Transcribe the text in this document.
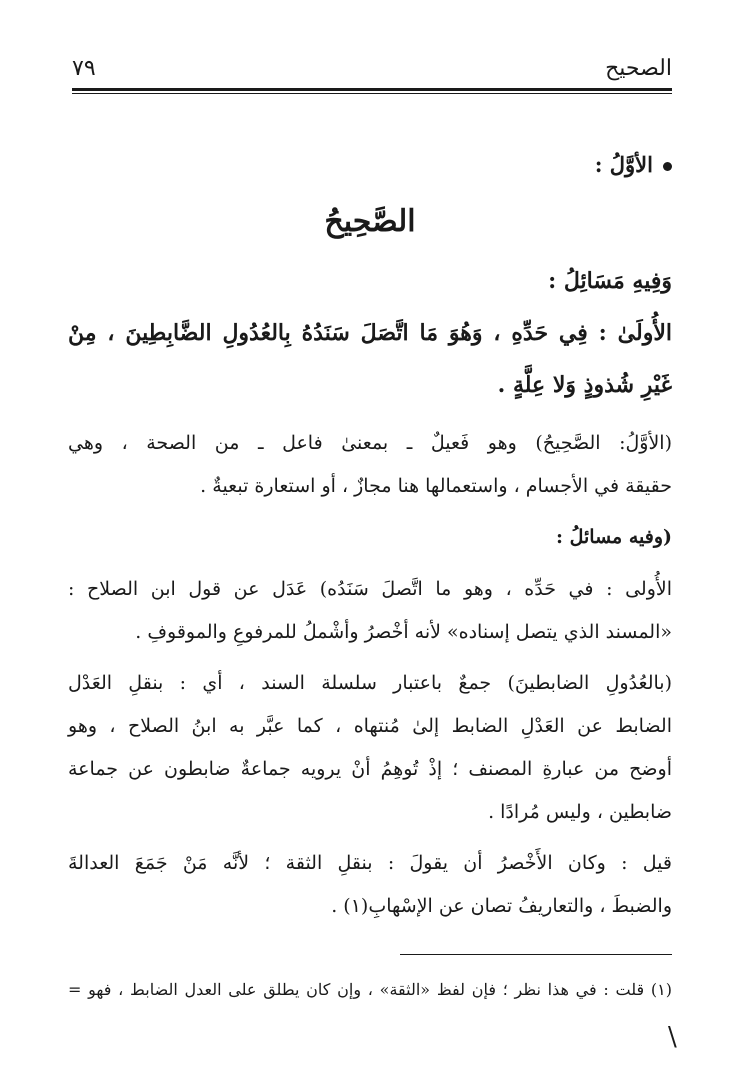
الصحيح
٧٩
الأوَّلُ :
الصَّحِيحُ
وَفِيهِ مَسَائِلُ :
الأُولَىٰ : فِي حَدِّهِ ، وَهُوَ مَا اتَّصَلَ سَنَدُهُ بِالعُدُولِ الضَّابِطِينَ ، مِنْ
غَيْرِ شُذوذٍ وَلا عِلَّةٍ .
(الأوَّلُ: الصَّحِيحُ) وهو فَعيلٌ ـ بمعنىٰ فاعل ـ من الصحة ، وهي
حقيقة في الأجسام ، واستعمالها هنا مجازٌ ، أو استعارة تبعيةٌ .
(وفيه مسائلُ :
الأُولى : في حَدِّه ، وهو ما اتَّصلَ سَنَدُه) عَدَل عن قول ابن الصلاح :
«المسند الذي يتصل إسناده» لأنه أخْصرُ وأشْملُ للمرفوعِ والموقوفِ .
(بالعُدُولِ الضابطينَ) جمعٌ باعتبار سلسلة السند ، أي : بنقلِ العَدْل
الضابط عن العَدْلِ الضابط إلىٰ مُنتهاه ، كما عبَّر به ابنُ الصلاح ، وهو
أوضح من عبارةِ المصنف ؛ إذْ تُوهِمُ أنْ يرويه جماعةٌ ضابطون عن جماعة
ضابطين ، وليس مُرادًا .
قيل : وكان الأَخْصرُ أن يقولَ : بنقلِ الثقة ؛ لأنَّه مَنْ جَمَعَ العدالةَ
والضبطَ ، والتعاريفُ تصان عن الإسْهابِ(١) .
(١) قلت : في هذا نظر ؛ فإن لفظ «الثقة» ، وإن كان يطلق على العدل الضابط ، فهو =
\
